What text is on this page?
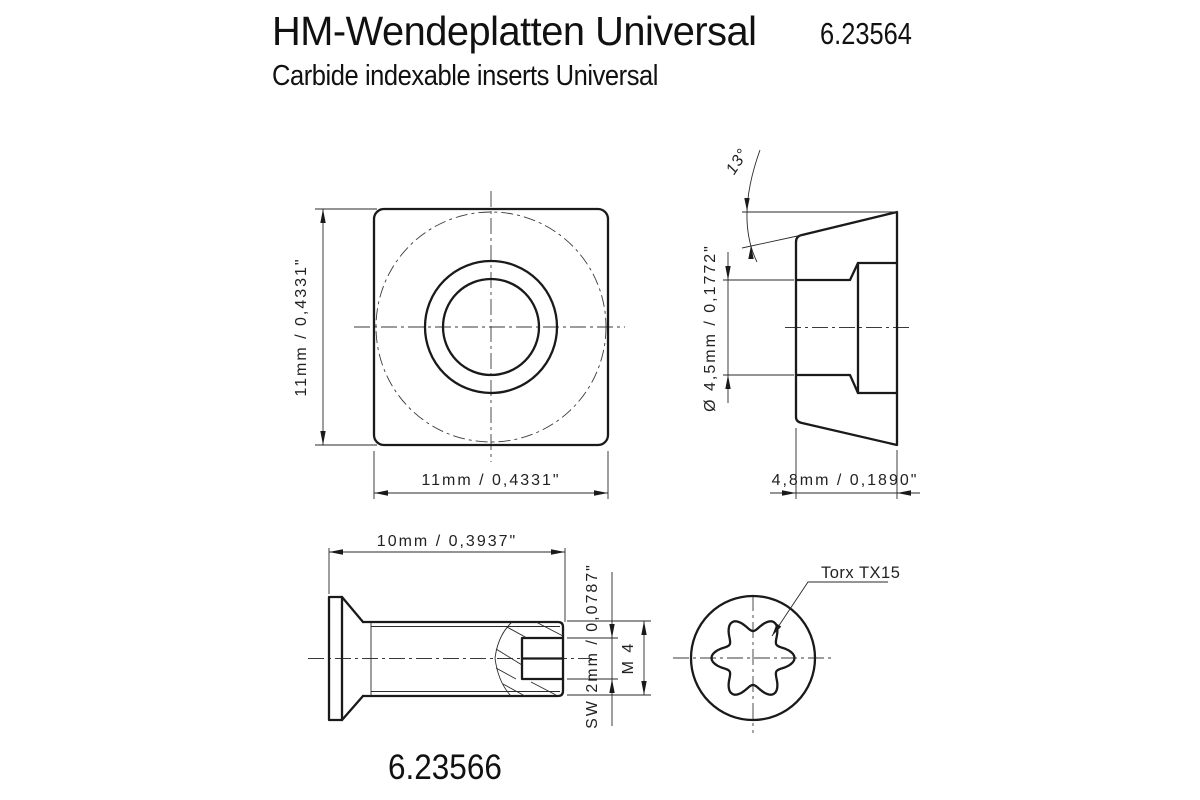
HM-Wendeplatten Universal 6.23564
Carbide indexable inserts Universal
6.23566
11mm / 0,4331"
11mm / 0,4331"
13°
Ø 4,5mm / 0,1772"
4,8mm / 0,1890"
10mm / 0,3937"
SW 2mm / 0,0787" M 4
Torx TX15
